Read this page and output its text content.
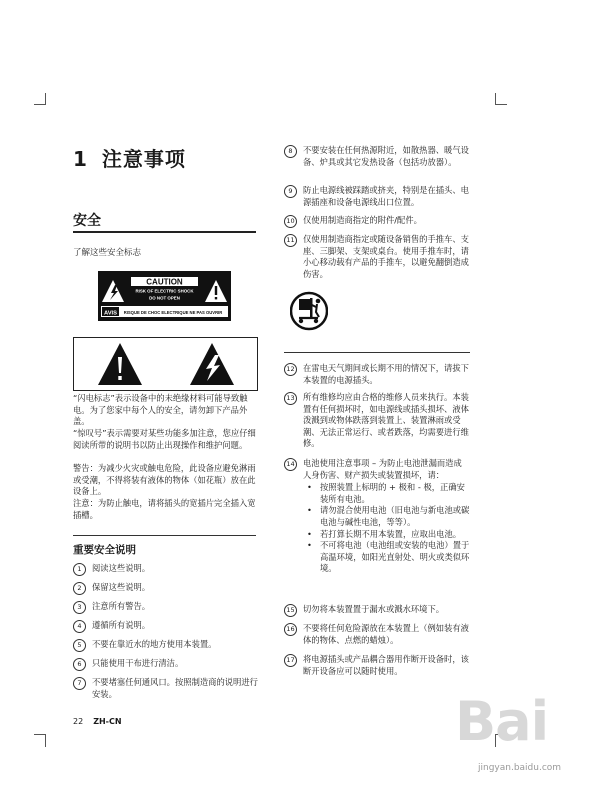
1 注意事项
安全
了解这些安全标志
CAUTION
RISK OF ELECTRIC SHOCK
DO NOT OPEN
AVIS RISQUE DE CHOC ELECTRIQUE NE PAS OUVRIR

“闪电标志”表示设备中的未绝缘材料可能导致触电。为了您家中每个人的安全，请勿卸下产品外盖。

“惊叹号”表示需要对某些功能多加注意，您应仔细阅读所带的说明书以防止出现操作和维护问题。

警告：为减少火灾或触电危险，此设备应避免淋雨或受潮，不得将装有液体的物体（如花瓶）放在此设备上。

注意：为防止触电，请将插头的宽插片完全插入宽插槽。

重要安全说明
1	阅读这些说明。
2	保留这些说明。
3	注意所有警告。
4	遵循所有说明。
5	不要在靠近水的地方使用本装置。
6	只能使用干布进行清洁。
7	不要堵塞任何通风口。按照制造商的说明进行安装。
8	不要安装在任何热源附近，如散热器、暖气设备、炉具或其它发热设备（包括功放器）。
9	防止电源线被踩踏或挤夹，特别是在插头、电源插座和设备电源线出口位置。
10 仅使用制造商指定的附件/配件。
11 仅使用制造商指定或随设备销售的手推车、支座、三脚架、支架或桌台。使用手推车时，请小心移动载有产品的手推车，以避免翻倒造成伤害。
12 在雷电天气期间或长期不用的情况下，请拔下本装置的电源插头。
13 所有维修均应由合格的维修人员来执行。本装置有任何损坏时，如电源线或插头损坏、液体泼溅到或物体跌落到装置上、装置淋雨或受潮、无法正常运行、或者跌落，均需要进行维修。
14 电池使用注意事项 – 为防止电池泄漏而造成人身伤害、财产损失或装置损坏，请：
• 按照装置上标明的 + 极和 - 极，正确安装所有电池。
• 请勿混合使用电池（旧电池与新电池或碳电池与碱性电池，等等）。
• 若打算长期不用本装置，应取出电池。
• 不可将电池（电池组或安装的电池）置于高温环境，如阳光直射处、明火或类似环境。
15 切勿将本装置置于漏水或溅水环境下。
16 不要将任何危险源放在本装置上（例如装有液体的物体、点燃的蜡烛）。
17 将电源插头或产品耦合器用作断开设备时，该断开设备应可以随时使用。
22 ZH-CN	Bai
jingyan.baidu.com
